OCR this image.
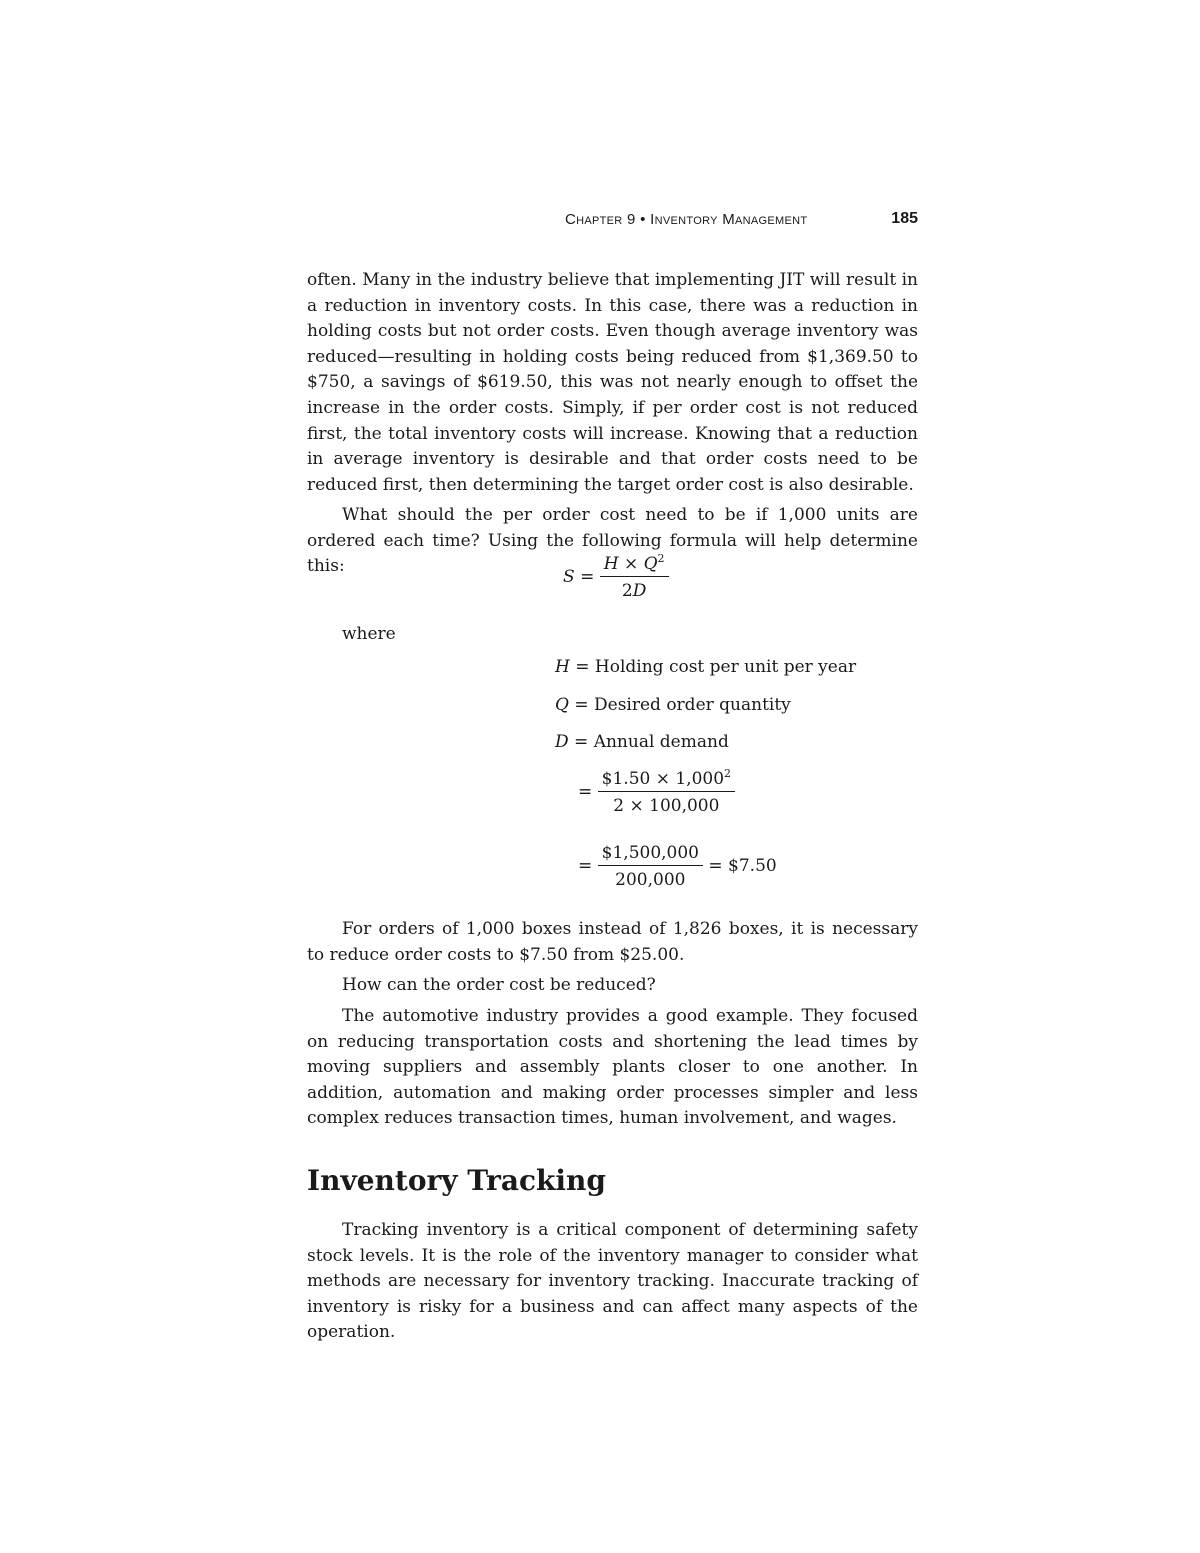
Chapter 9 • Inventory Management	185

often. Many in the industry believe that implementing JIT will result in a reduction in inventory costs. In this case, there was a reduction in holding costs but not order costs. Even though average inventory was reduced—resulting in holding costs being reduced from $1,369.50 to $750, a savings of $619.50, this was not nearly enough to offset the increase in the order costs. Simply, if per order cost is not reduced first, the total inventory costs will increase. Knowing that a reduction in average inventory is desirable and that order costs need to be reduced first, then determining the target order cost is also desirable.

What should the per order cost need to be if 1,000 units are ordered each time? Using the following formula will help determine this:

$S = \frac{H \times Q^2}{2D}$

where

H = Holding cost per unit per year
Q = Desired order quantity
D = Annual demand
= $\frac{\$1.50 \times 1,000^2}{2 \times 100,000}$
= $\frac{\$1,500,000}{200,000}$ = $7.50

For orders of 1,000 boxes instead of 1,826 boxes, it is necessary to reduce order costs to $7.50 from $25.00.

How can the order cost be reduced?

The automotive industry provides a good example. They focused on reducing transportation costs and shortening the lead times by moving suppliers and assembly plants closer to one another. In addition, automation and making order processes simpler and less complex reduces transaction times, human involvement, and wages.

Inventory Tracking

Tracking inventory is a critical component of determining safety stock levels. It is the role of the inventory manager to consider what methods are necessary for inventory tracking. Inaccurate tracking of inventory is risky for a business and can affect many aspects of the operation.
